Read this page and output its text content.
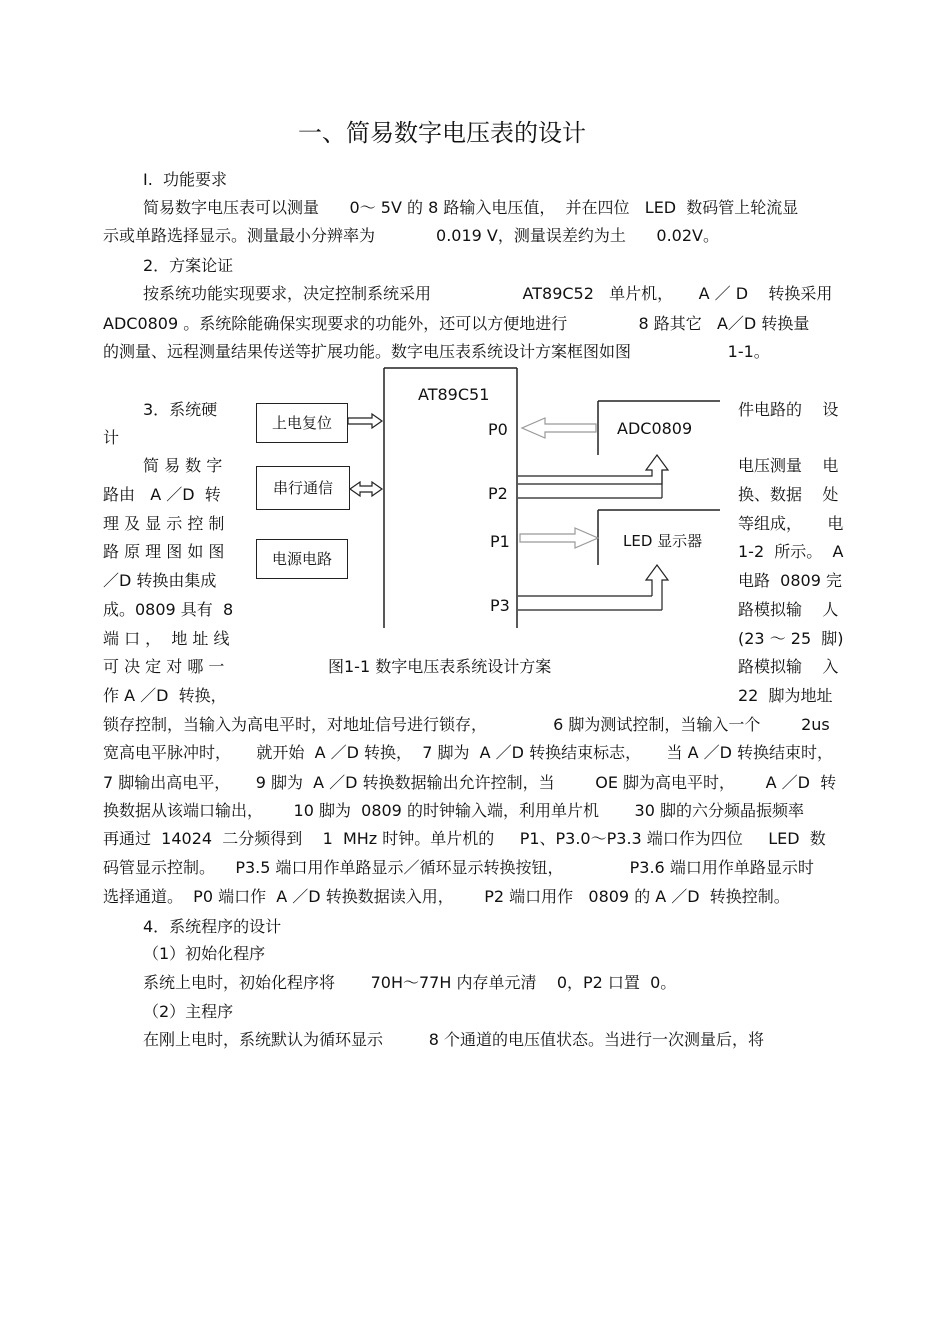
一、简易数字电压表的设计
I.  功能要求
简易数字电压表可以测量      0～ 5V 的 8 路输入电压值，  并在四位   LED  数码管上轮流显
示或单路选择显示。测量最小分辨率为            0.019 V，测量误差约为土      0.02V。
2．方案论证
按系统功能实现要求，决定控制系统采用                  AT89C52   单片机，     A ／ D    转换采用
ADC0809 。系统除能确保实现要求的功能外，还可以方便地进行              8 路其它   A／D 转换量
的测量、远程测量结果传送等扩展功能。数字电压表系统设计方案框图如图                   1-1。
3．系统硬
计
简 易 数 字
路由   A ／D  转
理 及 显 示 控 制
路 原 理 图 如 图
／D 转换由集成
成。0809 具有  8
端 口 ，  地 址 线
可 决 定 对 哪 一
作 A ／D  转换，
件电路的    设
电压测量    电
换、数据    处
等组成，     电
1-2  所示。  A
电路  0809 完
路模拟输    人
(23 ～ 25  脚)
路模拟输    入
22  脚为地址
上电复位
串行通信
电源电路
AT89C51
P0
P2
P1
P3
ADC0809
LED 显示器
图1-1 数字电压表系统设计方案
锁存控制，当输入为高电平时，对地址信号进行锁存，             6 脚为测试控制，当输入一个        2us
宽高电平脉冲时，     就开始  A ／D 转换，  7 脚为  A ／D 转换结束标志，     当 A ／D 转换结束时，
7 脚输出高电平，     9 脚为  A ／D 转换数据输出允许控制，当        OE 脚为高电平时，      A ／D  转
换数据从该端口输出，      10 脚为  0809 的时钟输入端，利用单片机       30 脚的六分频晶振频率
再通过  14024  二分频得到    1  MHz 时钟。单片机的     P1、P3.0～P3.3 端口作为四位     LED  数
码管显示控制。    P3.5 端口用作单路显示／循环显示转换按钮，             P3.6 端口用作单路显示时
选择通道。  P0 端口作  A ／D 转换数据读入用，      P2 端口用作   0809 的 A ／D  转换控制。
4．系统程序的设计
（1）初始化程序
系统上电时，初始化程序将       70H～77H 内存单元清    0，P2 口置  0。
（2）主程序
在刚上电时，系统默认为循环显示         8 个通道的电压值状态。当进行一次测量后，将
